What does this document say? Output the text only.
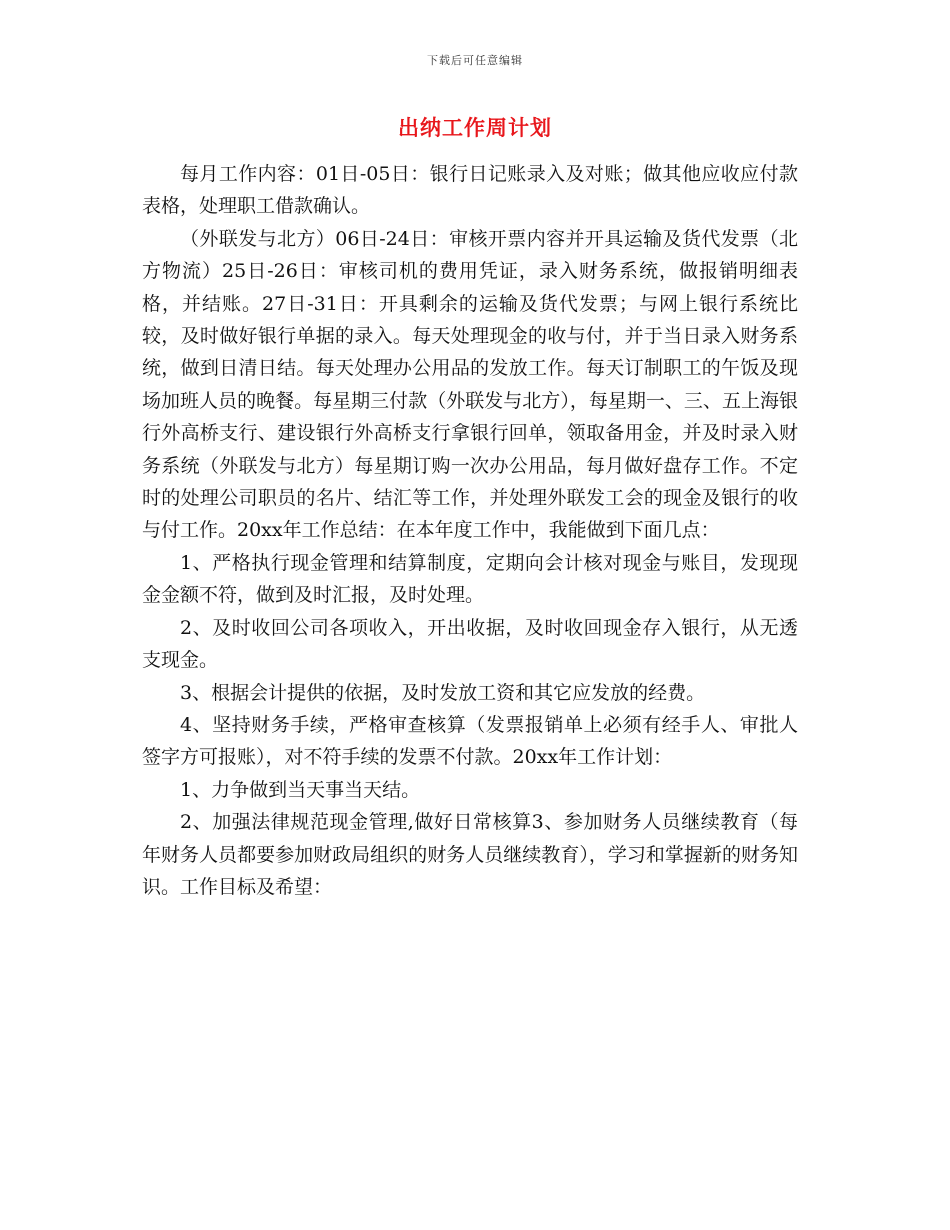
下载后可任意编辑
出纳工作周计划

每月工作内容：01日-05日：银行日记账录入及对账；做其他应收应付款表格，处理职工借款确认。

（外联发与北方）06日-24日：审核开票内容并开具运输及货代发票（北方物流）25日-26日：审核司机的费用凭证，录入财务系统，做报销明细表格，并结账。27日-31日：开具剩余的运输及货代发票；与网上银行系统比较，及时做好银行单据的录入。每天处理现金的收与付，并于当日录入财务系统，做到日清日结。每天处理办公用品的发放工作。每天订制职工的午饭及现场加班人员的晚餐。每星期三付款（外联发与北方），每星期一、三、五上海银行外高桥支行、建设银行外高桥支行拿银行回单，领取备用金，并及时录入财务系统（外联发与北方）每星期订购一次办公用品，每月做好盘存工作。不定时的处理公司职员的名片、结汇等工作，并处理外联发工会的现金及银行的收与付工作。20xx年工作总结：在本年度工作中，我能做到下面几点：

1、严格执行现金管理和结算制度，定期向会计核对现金与账目，发现现金金额不符，做到及时汇报，及时处理。

2、及时收回公司各项收入，开出收据，及时收回现金存入银行，从无透支现金。

3、根据会计提供的依据，及时发放工资和其它应发放的经费。

4、坚持财务手续，严格审查核算（发票报销单上必须有经手人、审批人签字方可报账），对不符手续的发票不付款。20xx年工作计划：

1、力争做到当天事当天结。

2、加强法律规范现金管理,做好日常核算3、参加财务人员继续教育（每年财务人员都要参加财政局组织的财务人员继续教育），学习和掌握新的财务知识。工作目标及希望：
